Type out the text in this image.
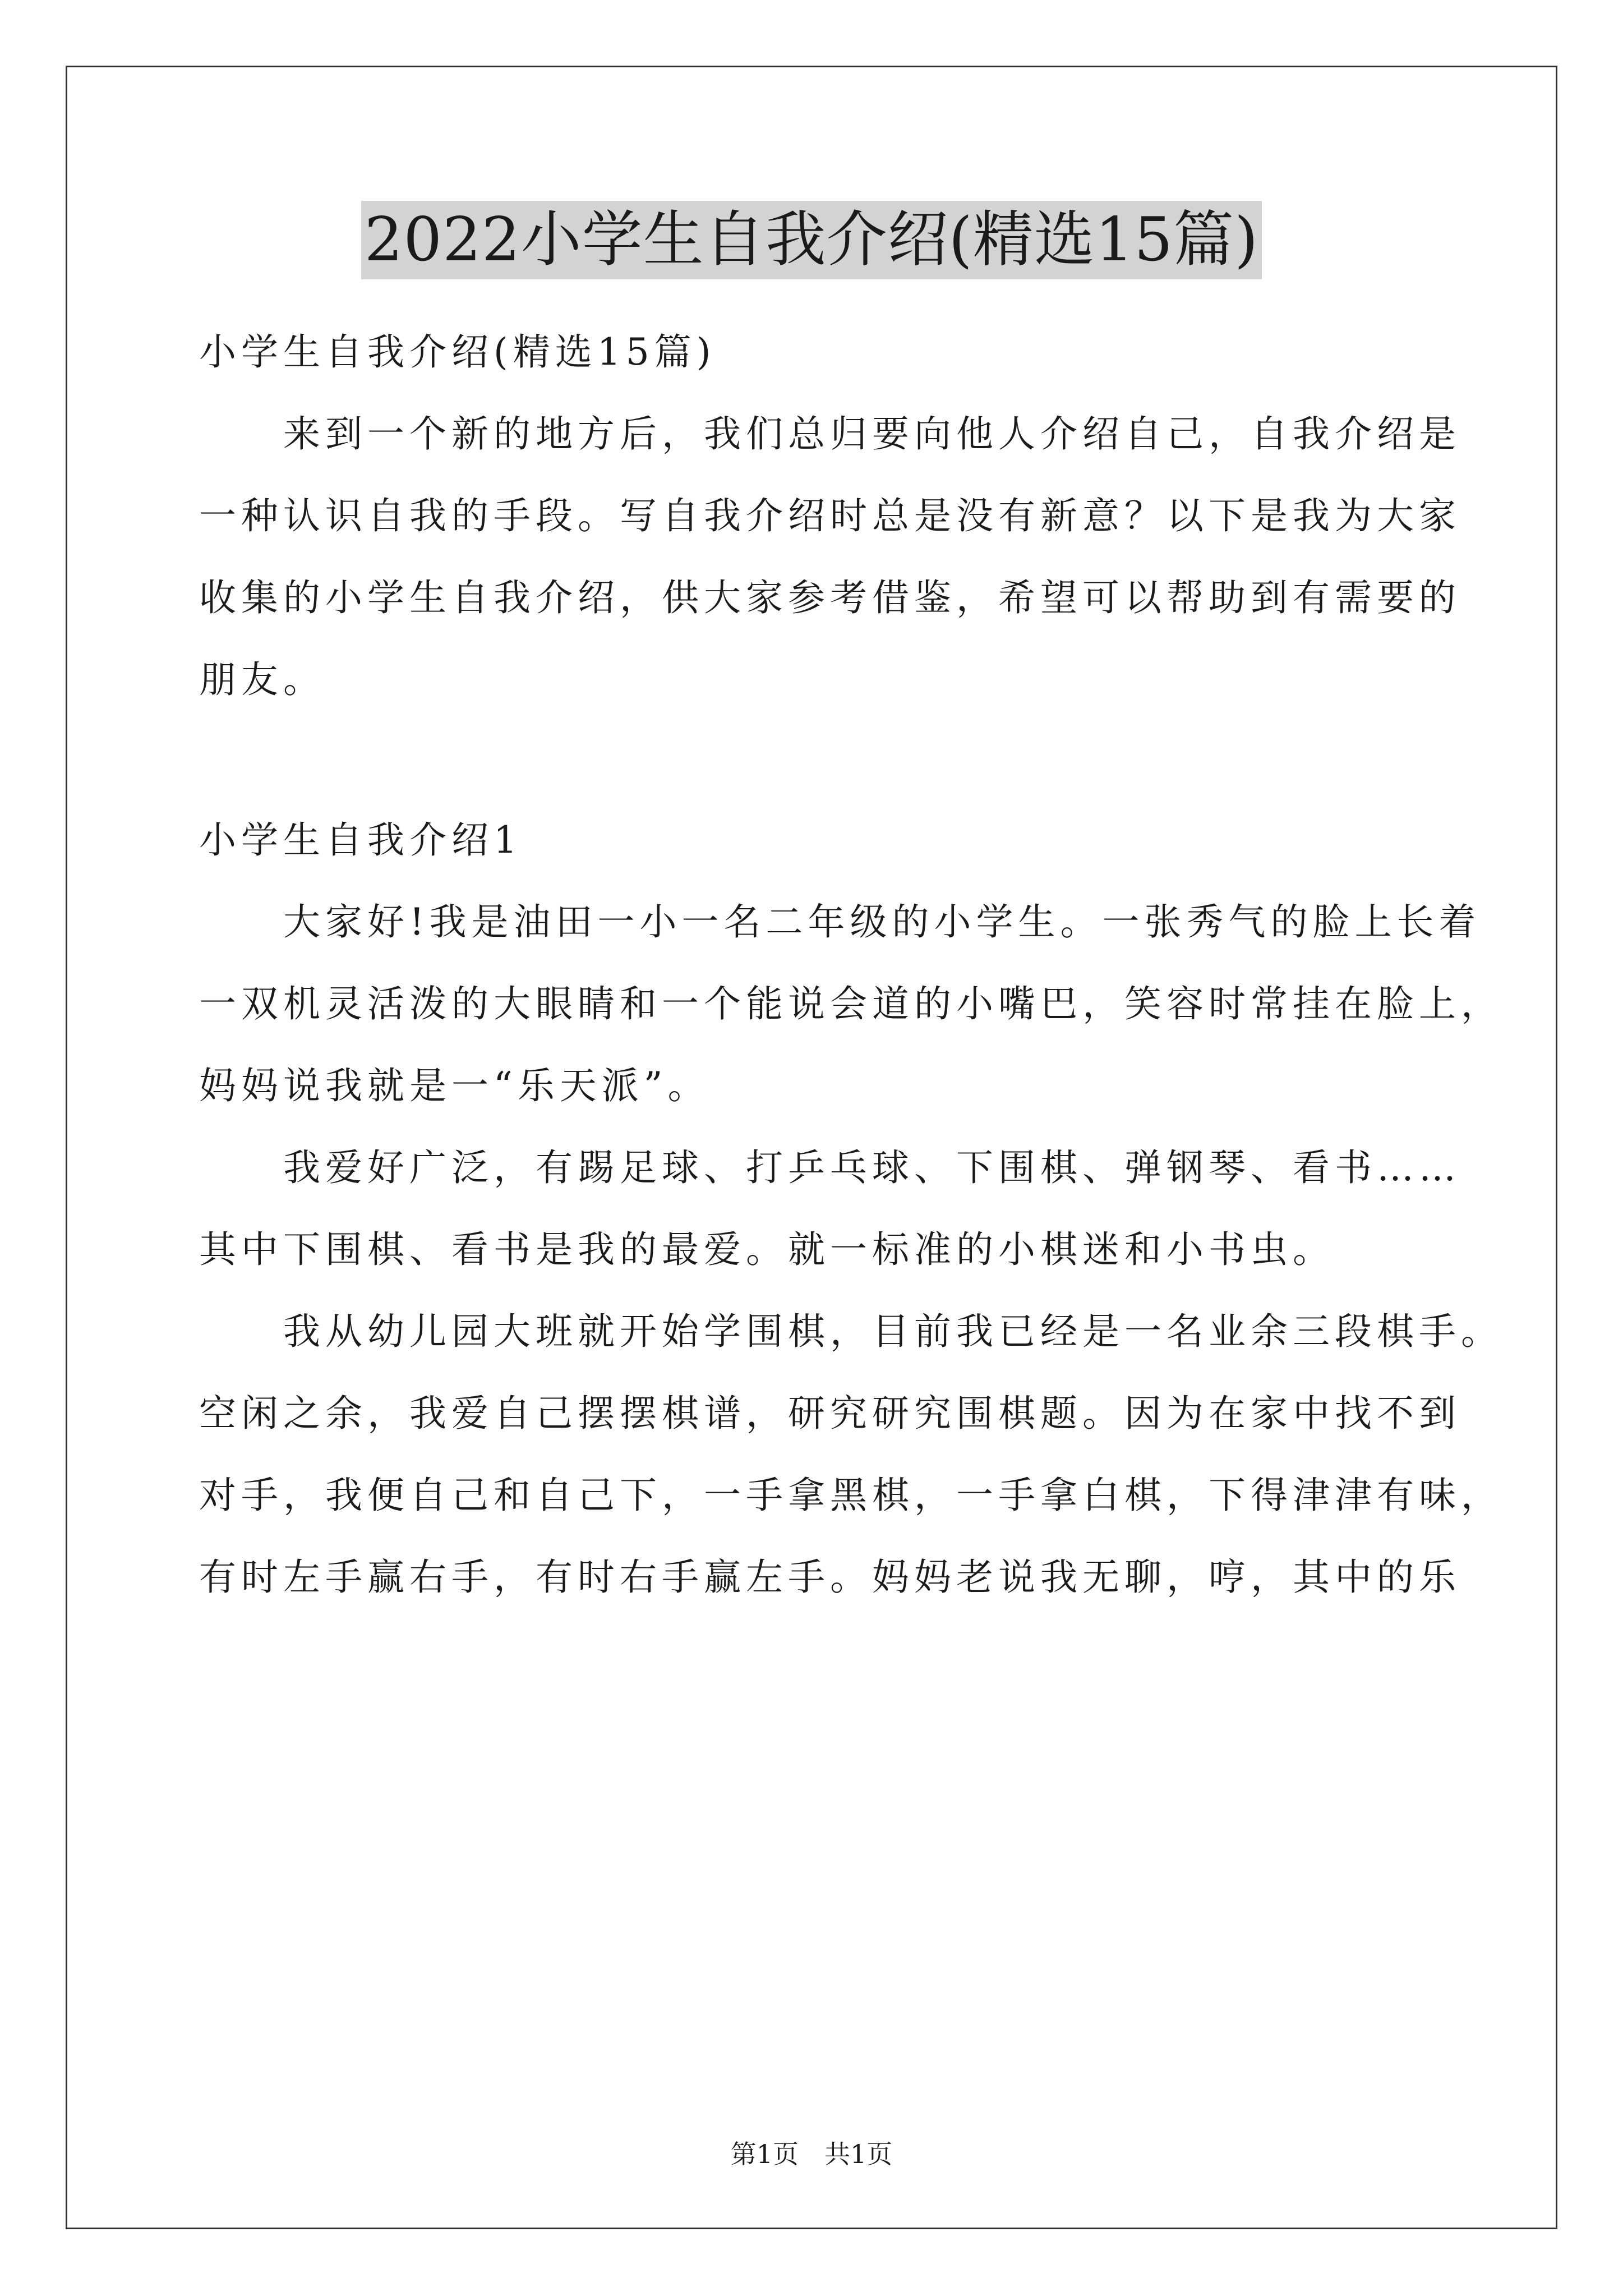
2022小学生自我介绍(精选15篇)
小学生自我介绍(精选15篇)
来到一个新的地方后，我们总归要向他人介绍自己，自我介绍是
一种认识自我的手段。写自我介绍时总是没有新意？以下是我为大家
收集的小学生自我介绍，供大家参考借鉴，希望可以帮助到有需要的
朋友。
小学生自我介绍1
大家好!我是油田一小一名二年级的小学生。一张秀气的脸上长着
一双机灵活泼的大眼睛和一个能说会道的小嘴巴，笑容时常挂在脸上，
妈妈说我就是一“乐天派”。
我爱好广泛，有踢足球、打乒乓球、下围棋、弹钢琴、看书……
其中下围棋、看书是我的最爱。就一标准的小棋迷和小书虫。
我从幼儿园大班就开始学围棋，目前我已经是一名业余三段棋手。
空闲之余，我爱自己摆摆棋谱，研究研究围棋题。因为在家中找不到
对手，我便自己和自己下，一手拿黑棋，一手拿白棋，下得津津有味，
有时左手赢右手，有时右手赢左手。妈妈老说我无聊，哼，其中的乐
第1页　共1页
